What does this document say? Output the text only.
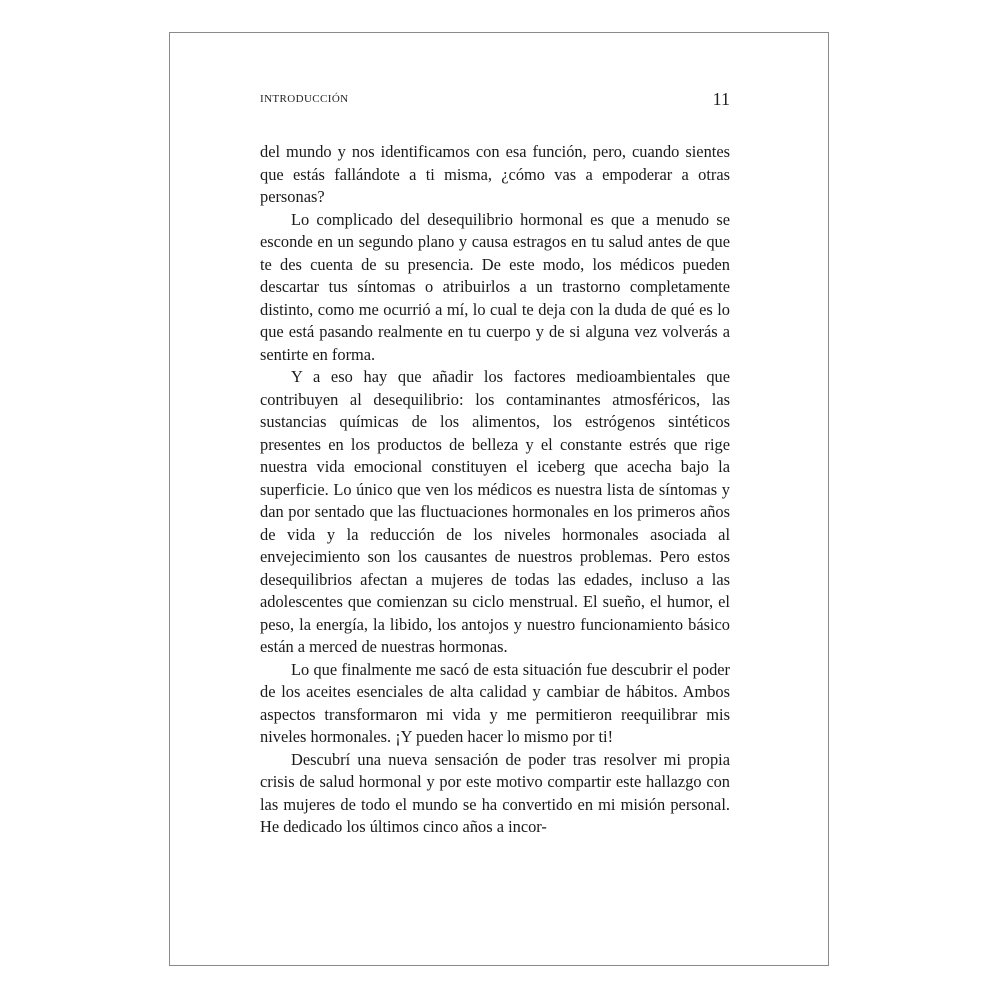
INTRODUCCIÓN	11

del mundo y nos identificamos con esa función, pero, cuando sientes que estás fallándote a ti misma, ¿cómo vas a empoderar a otras personas?

Lo complicado del desequilibrio hormonal es que a menudo se esconde en un segundo plano y causa estragos en tu salud antes de que te des cuenta de su presencia. De este modo, los médicos pueden descartar tus síntomas o atribuirlos a un trastorno completamente distinto, como me ocurrió a mí, lo cual te deja con la duda de qué es lo que está pasando realmente en tu cuerpo y de si alguna vez volverás a sentirte en forma.

Y a eso hay que añadir los factores medioambientales que contribuyen al desequilibrio: los contaminantes atmosféricos, las sustancias químicas de los alimentos, los estrógenos sintéticos presentes en los productos de belleza y el constante estrés que rige nuestra vida emocional constituyen el iceberg que acecha bajo la superficie. Lo único que ven los médicos es nuestra lista de síntomas y dan por sentado que las fluctuaciones hormonales en los primeros años de vida y la reducción de los niveles hormonales asociada al envejecimiento son los causantes de nuestros problemas. Pero estos desequilibrios afectan a mujeres de todas las edades, incluso a las adolescentes que comienzan su ciclo menstrual. El sueño, el humor, el peso, la energía, la libido, los antojos y nuestro funcionamiento básico están a merced de nuestras hormonas.

Lo que finalmente me sacó de esta situación fue descubrir el poder de los aceites esenciales de alta calidad y cambiar de hábitos. Ambos aspectos transformaron mi vida y me permitieron reequilibrar mis niveles hormonales. ¡Y pueden hacer lo mismo por ti!

Descubrí una nueva sensación de poder tras resolver mi propia crisis de salud hormonal y por este motivo compartir este hallazgo con las mujeres de todo el mundo se ha convertido en mi misión personal. He dedicado los últimos cinco años a incor-
